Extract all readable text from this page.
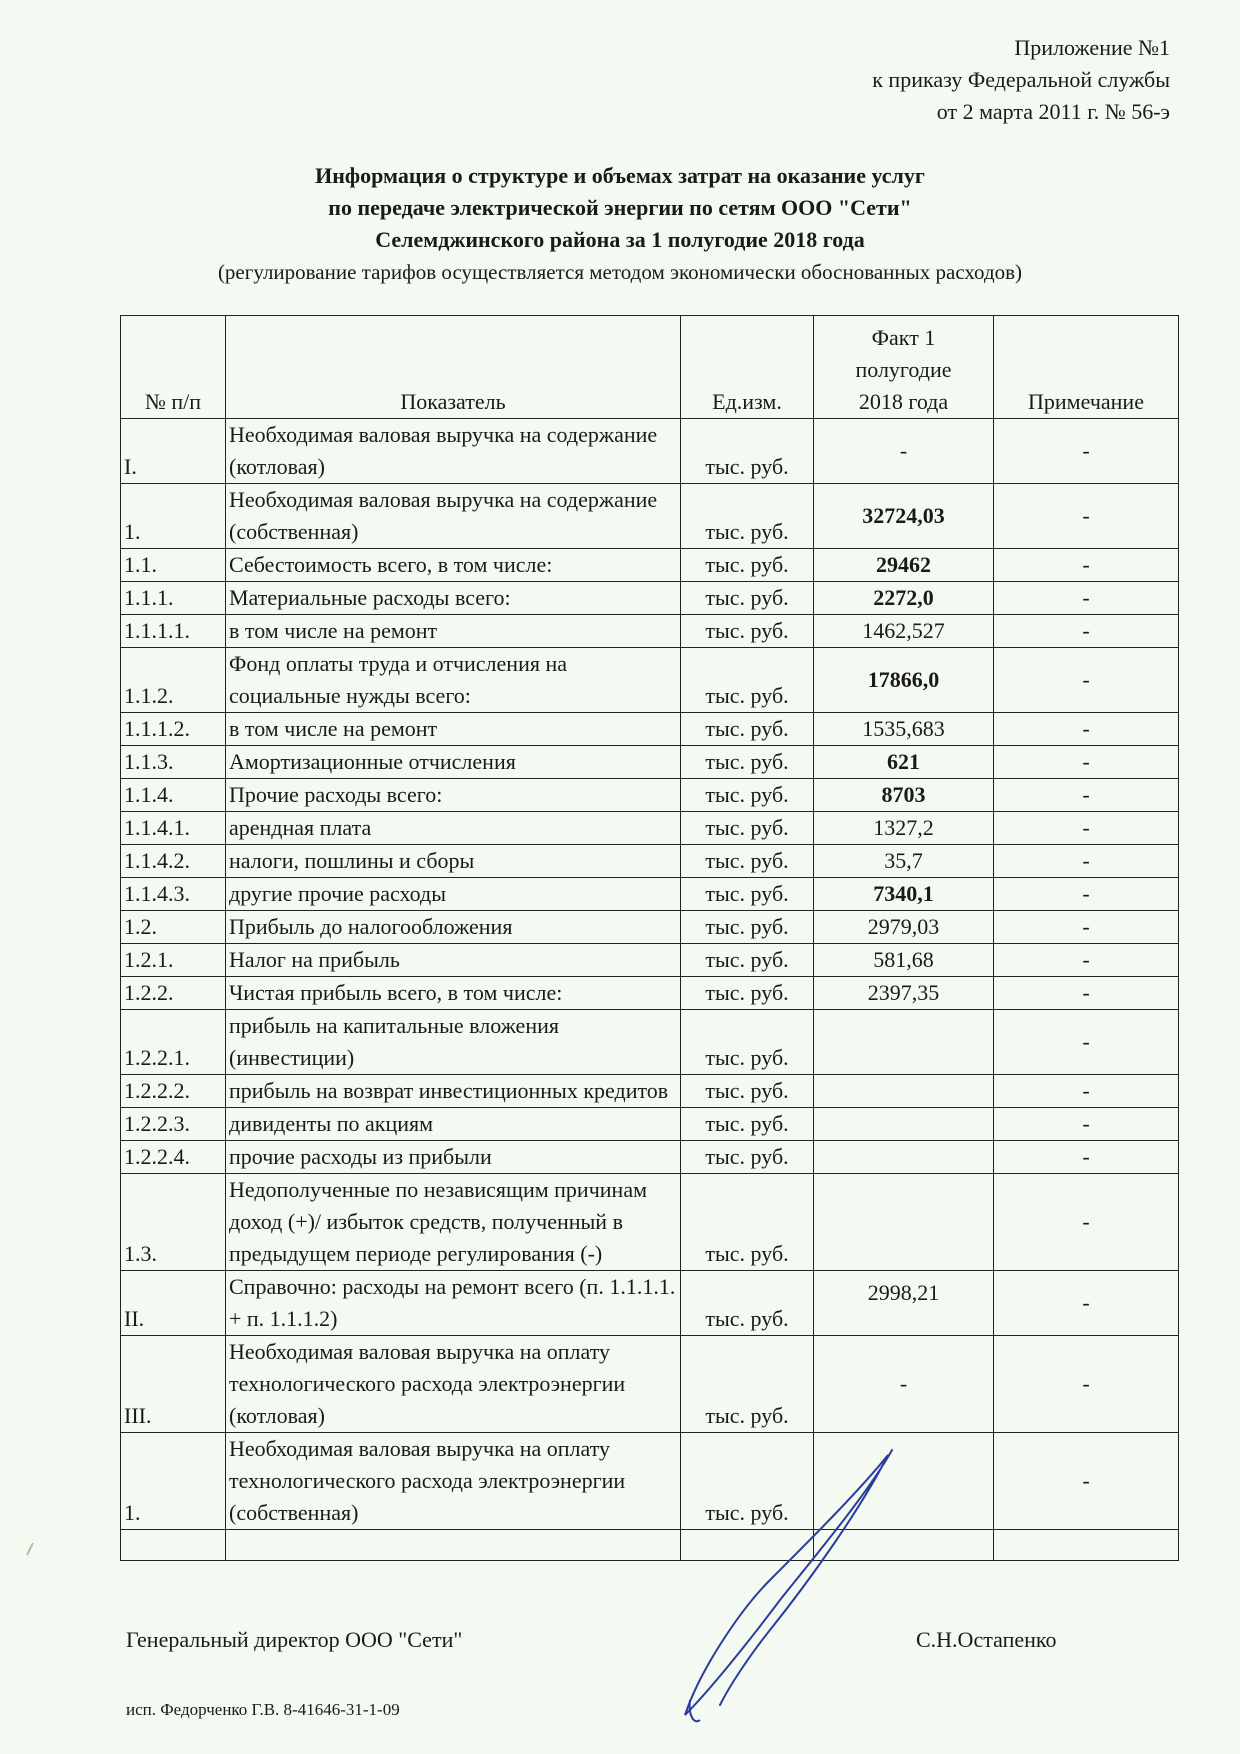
Приложение №1
к приказу Федеральной службы
от 2 марта 2011 г. № 56-э
Информация о структуре и объемах затрат на оказание услуг
по передаче электрической энергии по сетям ООО "Сети"
Селемджинского района за 1 полугодие 2018 года
(регулирование тарифов осуществляется методом экономически обоснованных расходов)
№ п/п	Показатель	Ед.изм.	Факт 1 полугодие 2018 года	Примечание
I.	Необходимая валовая выручка на содержание (котловая)	тыс. руб.	-	-
1.	Необходимая валовая выручка на содержание (собственная)	тыс. руб.	32724,03	-
1.1.	Себестоимость всего, в том числе:	тыс. руб.	29462	-
1.1.1.	Материальные расходы всего:	тыс. руб.	2272,0	-
1.1.1.1.	в том числе на ремонт	тыс. руб.	1462,527	-
1.1.2.	Фонд оплаты труда и отчисления на социальные нужды всего:	тыс. руб.	17866,0	-
1.1.1.2.	в том числе на ремонт	тыс. руб.	1535,683	-
1.1.3.	Амортизационные отчисления	тыс. руб.	621	-
1.1.4.	Прочие расходы всего:	тыс. руб.	8703	-
1.1.4.1.	арендная плата	тыс. руб.	1327,2	-
1.1.4.2.	налоги, пошлины и сборы	тыс. руб.	35,7	-
1.1.4.3.	другие прочие расходы	тыс. руб.	7340,1	-
1.2.	Прибыль до налогообложения	тыс. руб.	2979,03	-
1.2.1.	Налог на прибыль	тыс. руб.	581,68	-
1.2.2.	Чистая прибыль всего, в том числе:	тыс. руб.	2397,35	-
1.2.2.1.	прибыль на капитальные вложения (инвестиции)	тыс. руб.		-
1.2.2.2.	прибыль на возврат инвестиционных кредитов	тыс. руб.		-
1.2.2.3.	дивиденты по акциям	тыс. руб.		-
1.2.2.4.	прочие расходы из прибыли	тыс. руб.		-
1.3.	Недополученные по независящим причинам доход (+)/ избыток средств, полученный в предыдущем периоде регулирования (-)	тыс. руб.		-
II.	Справочно: расходы на ремонт всего (п. 1.1.1.1. + п. 1.1.1.2)	тыс. руб.	2998,21	-
III.	Необходимая валовая выручка на оплату технологического расхода электроэнергии (котловая)	тыс. руб.	-	-
1.	Необходимая валовая выручка на оплату технологического расхода электроэнергии (собственная)	тыс. руб.		-

Генеральный директор ООО "Сети"	С.Н.Остапенко
исп. Федорченко Г.В. 8-41646-31-1-09
